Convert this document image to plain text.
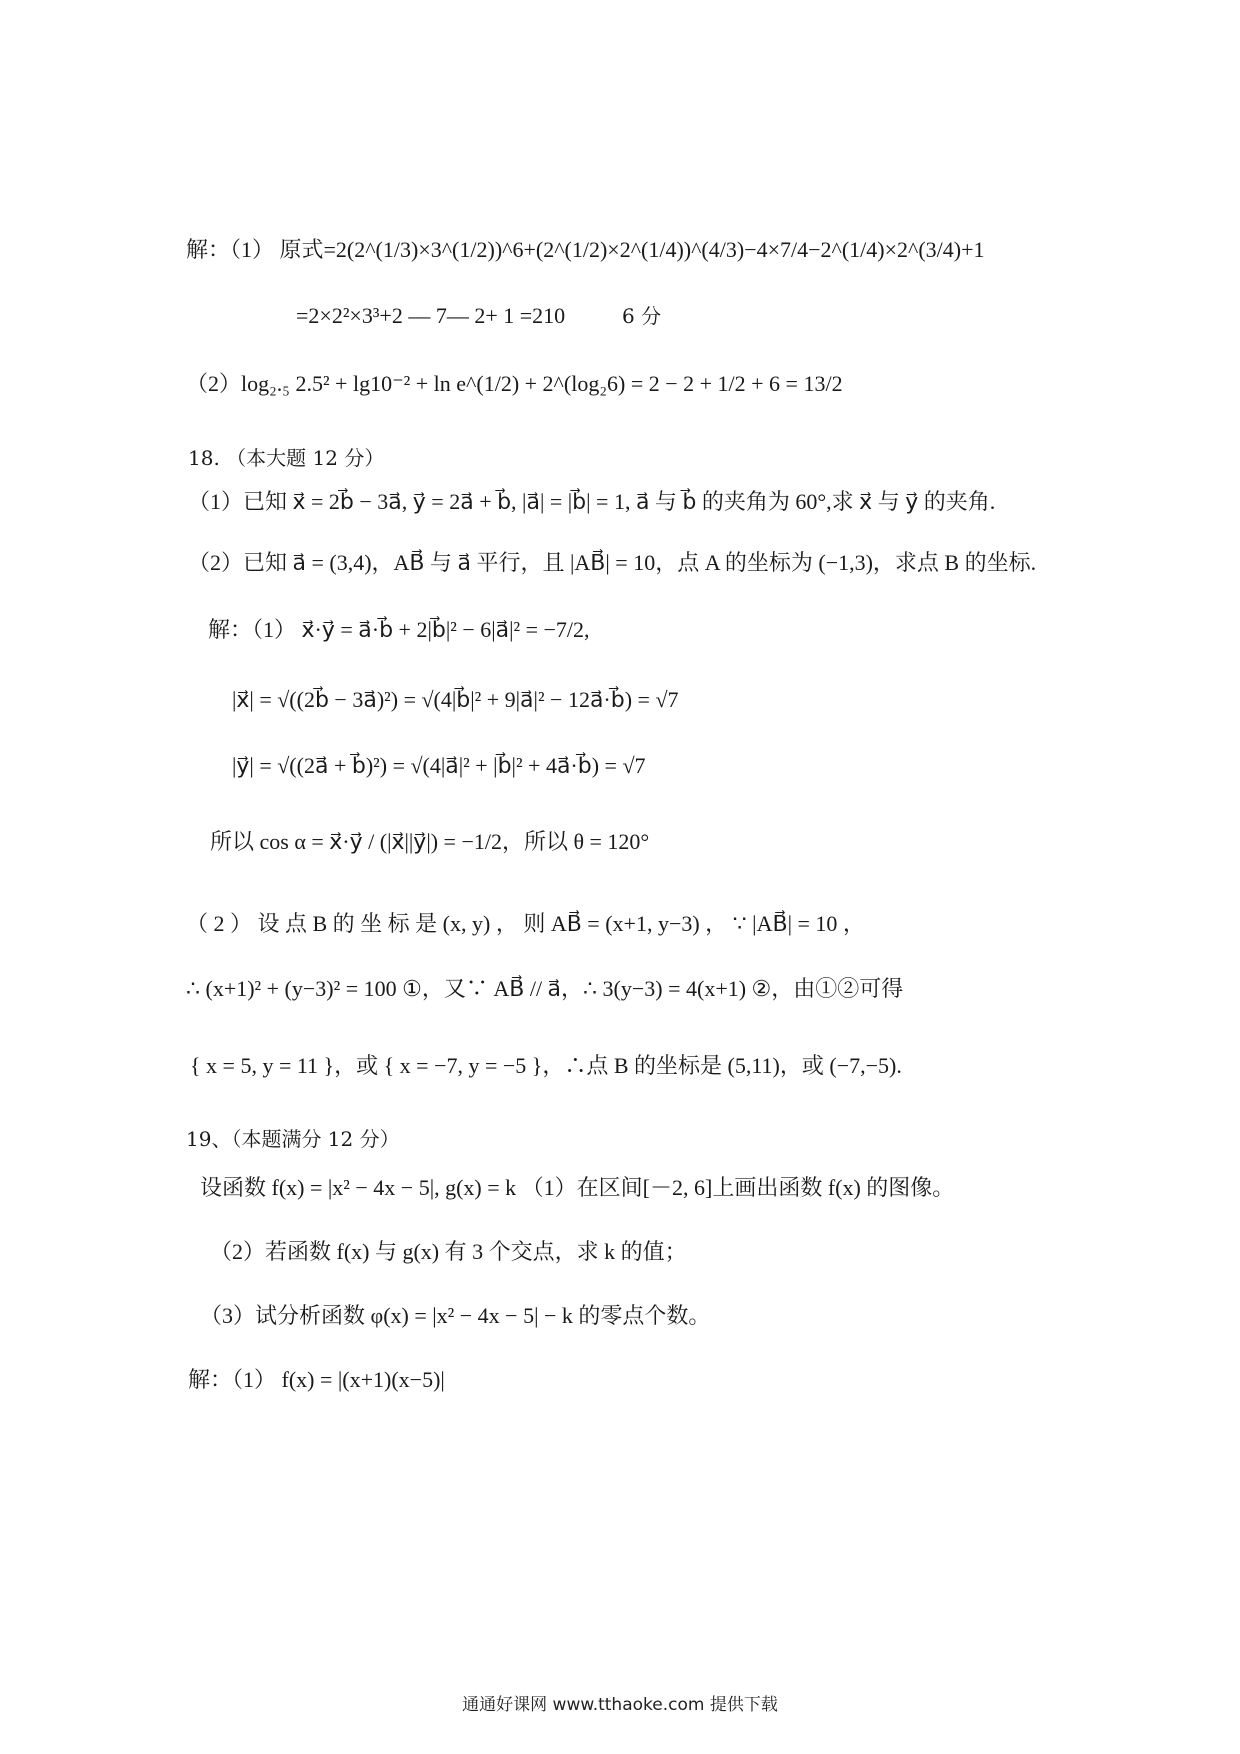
解：（1） 原式=2(2^(1/3)×3^(1/2))^6+(2^(1/2)×2^(1/4))^(4/3)−4×7/4−2^(1/4)×2^(3/4)+1
=2×2²×3³+2 — 7— 2+ 1 =210	6 分
（2）log₂.₅ 2.5² + lg10⁻² + ln e^(1/2) + 2^(log₂6) = 2 − 2 + 1/2 + 6 = 13/2
18. （本大题 12 分）
（1）已知 x⃗ = 2b⃗ − 3a⃗, y⃗ = 2a⃗ + b⃗, |a⃗| = |b⃗| = 1, a⃗ 与 b⃗ 的夹角为 60°,求 x⃗ 与 y⃗ 的夹角.
（2）已知 a⃗ = (3,4)，AB⃗ 与 a⃗ 平行，且 |AB⃗| = 10，点 A 的坐标为 (−1,3)，求点 B 的坐标.
解：（1） x⃗·y⃗ = a⃗·b⃗ + 2|b⃗|² − 6|a⃗|² = −7/2,
|x⃗| = √((2b⃗ − 3a⃗)²) = √(4|b⃗|² + 9|a⃗|² − 12a⃗·b⃗) = √7
|y⃗| = √((2a⃗ + b⃗)²) = √(4|a⃗|² + |b⃗|² + 4a⃗·b⃗) = √7
所以 cos α = x⃗·y⃗ / (|x⃗||y⃗|) = −1/2，所以 θ = 120°
（ 2 ） 设 点 B 的 坐 标 是 (x, y) ， 则 AB⃗ = (x+1, y−3) ， ∵ |AB⃗| = 10 ，
∴ (x+1)² + (y−3)² = 100 ①，又∵ AB⃗ // a⃗，∴ 3(y−3) = 4(x+1) ②，由①②可得
{ x = 5, y = 11 }，或 { x = −7, y = −5 }，∴点 B 的坐标是 (5,11)，或 (−7,−5).
19、（本题满分 12 分）
设函数 f(x) = |x² − 4x − 5|, g(x) = k （1）在区间[－2, 6]上画出函数 f(x) 的图像。
（2）若函数 f(x) 与 g(x) 有 3 个交点，求 k 的值；
（3）试分析函数 φ(x) = |x² − 4x − 5| − k 的零点个数。
解：（1） f(x) = |(x+1)(x−5)|
通通好课网 www.tthaoke.com 提供下载
